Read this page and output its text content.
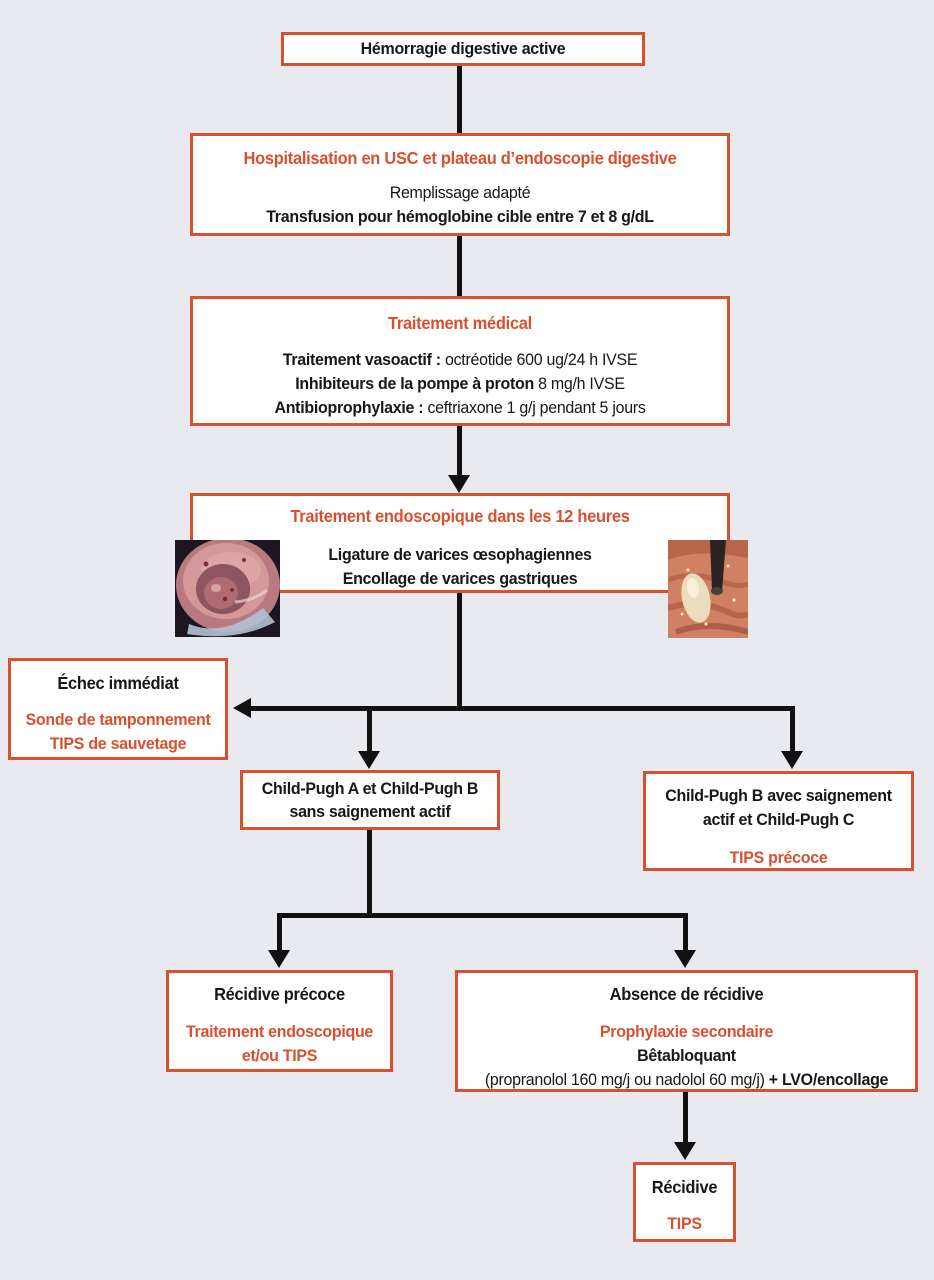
Hémorragie digestive active
Hospitalisation en USC et plateau d’endoscopie digestive
Remplissage adapté
Transfusion pour hémoglobine cible entre 7 et 8 g/dL
Traitement médical
Traitement vasoactif : octréotide 600 ug/24 h IVSE
Inhibiteurs de la pompe à proton 8 mg/h IVSE
Antibioprophylaxie : ceftriaxone 1 g/j pendant 5 jours
Traitement endoscopique dans les 12 heures
Ligature de varices œsophagiennes
Encollage de varices gastriques
Échec immédiat
Sonde de tamponnement
TIPS de sauvetage
Child-Pugh A et Child-Pugh B
sans saignement actif
Child-Pugh B avec saignement
actif et Child-Pugh C
TIPS précoce
Récidive précoce
Traitement endoscopique
et/ou TIPS
Absence de récidive
Prophylaxie secondaire
Bêtabloquant
(propranolol 160 mg/j ou nadolol 60 mg/j) + LVO/encollage
Récidive
TIPS
